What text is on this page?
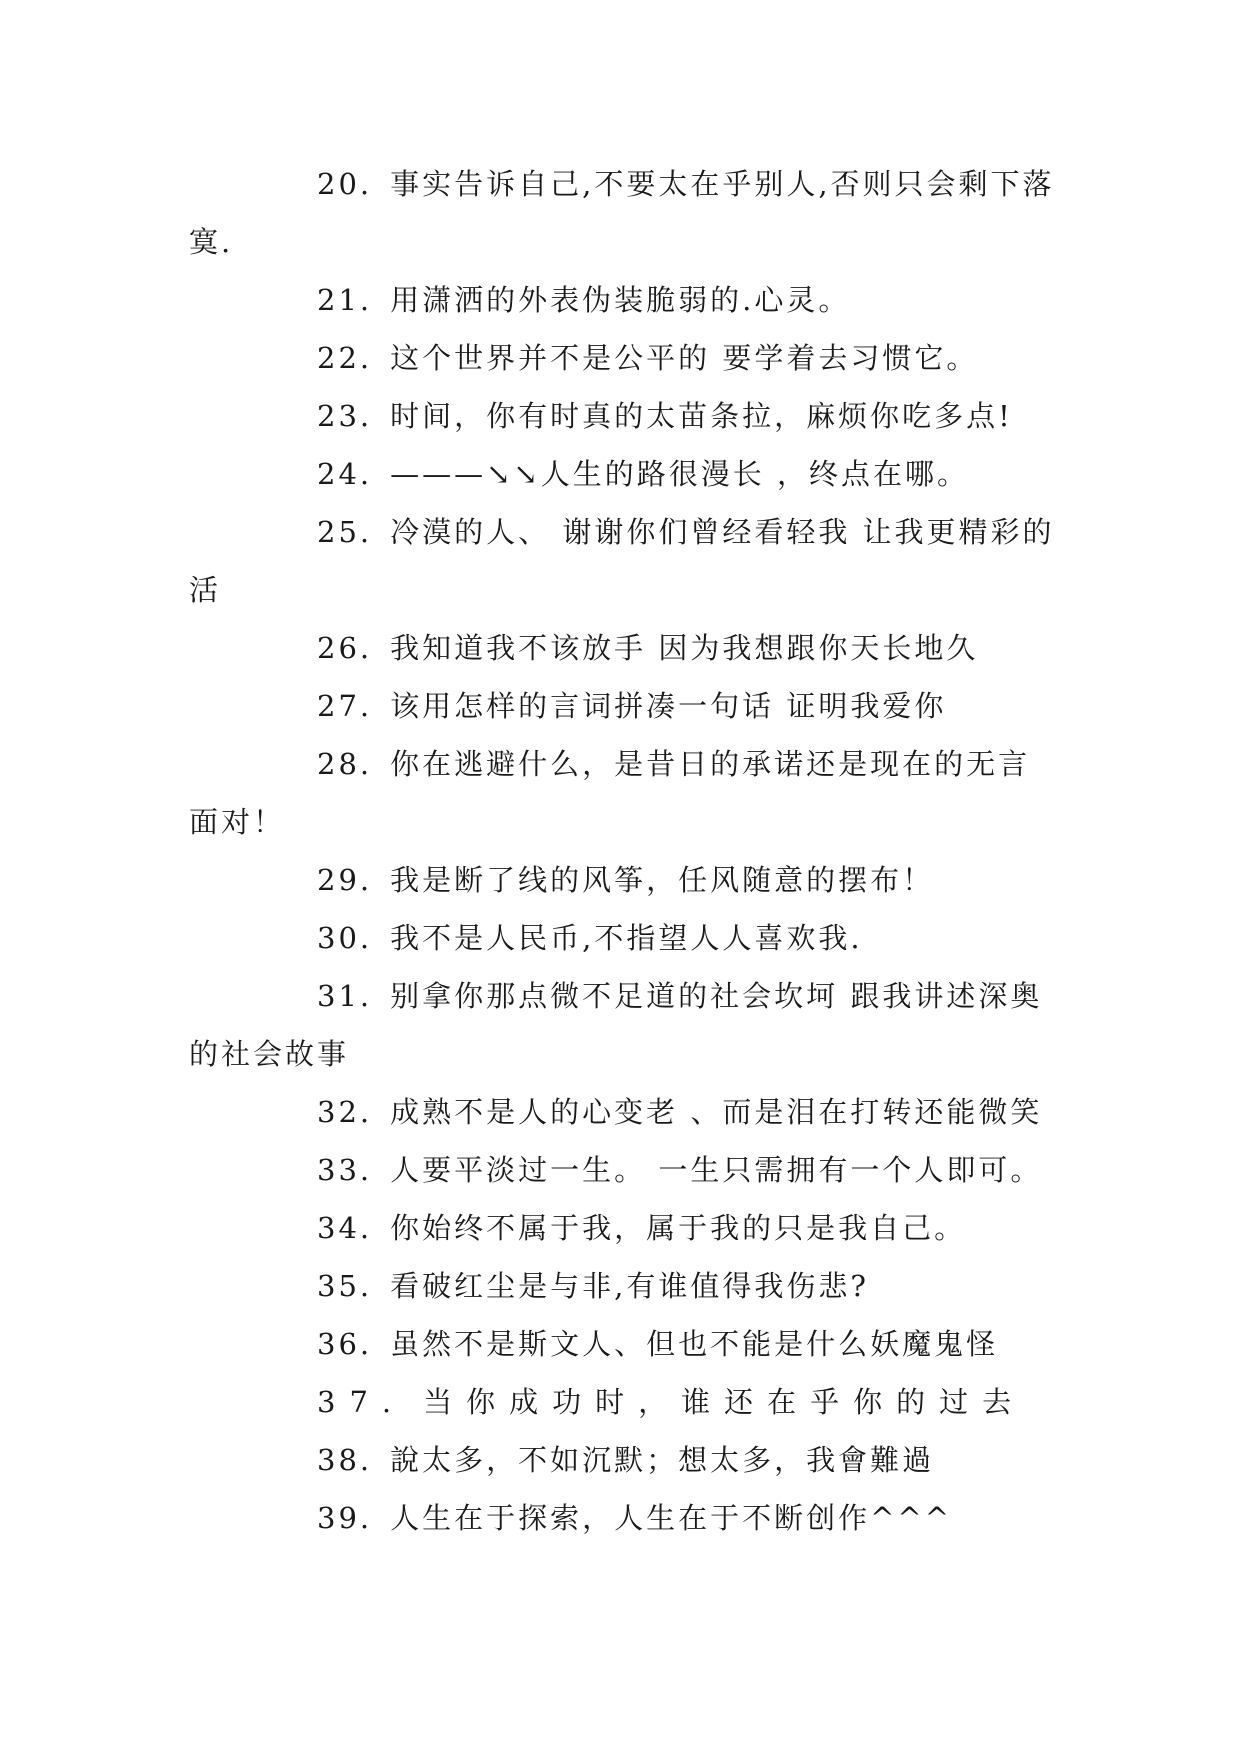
20. 事实告诉自己,不要太在乎别人,否则只会剩下落寞.

21. 用潇洒的外表伪装脆弱的.心灵。

22. 这个世界并不是公平的 要学着去习惯它。

23. 时间，你有时真的太苗条拉，麻烦你吃多点!

24. ———↘↘人生的路很漫长 ，终点在哪。

25. 冷漠的人、 谢谢你们曾经看轻我 让我更精彩的活

26. 我知道我不该放手 因为我想跟你天长地久

27. 该用怎样的言词拼凑一句话 证明我爱你

28. 你在逃避什么，是昔日的承诺还是现在的无言面对！

29. 我是断了线的风筝，任风随意的摆布！

30. 我不是人民币,不指望人人喜欢我.

31. 别拿你那点微不足道的社会坎坷 跟我讲述深奥的社会故事

32. 成熟不是人的心变老 、而是泪在打转还能微笑

33. 人要平淡过一生。 一生只需拥有一个人即可。

34. 你始终不属于我，属于我的只是我自己。

35. 看破红尘是与非,有谁值得我伤悲?

36. 虽然不是斯文人、但也不能是什么妖魔鬼怪

37. 当你成功时，谁还在乎你的过去

38. 說太多，不如沉默；想太多，我會難過

39. 人生在于探索，人生在于不断创作^^^
